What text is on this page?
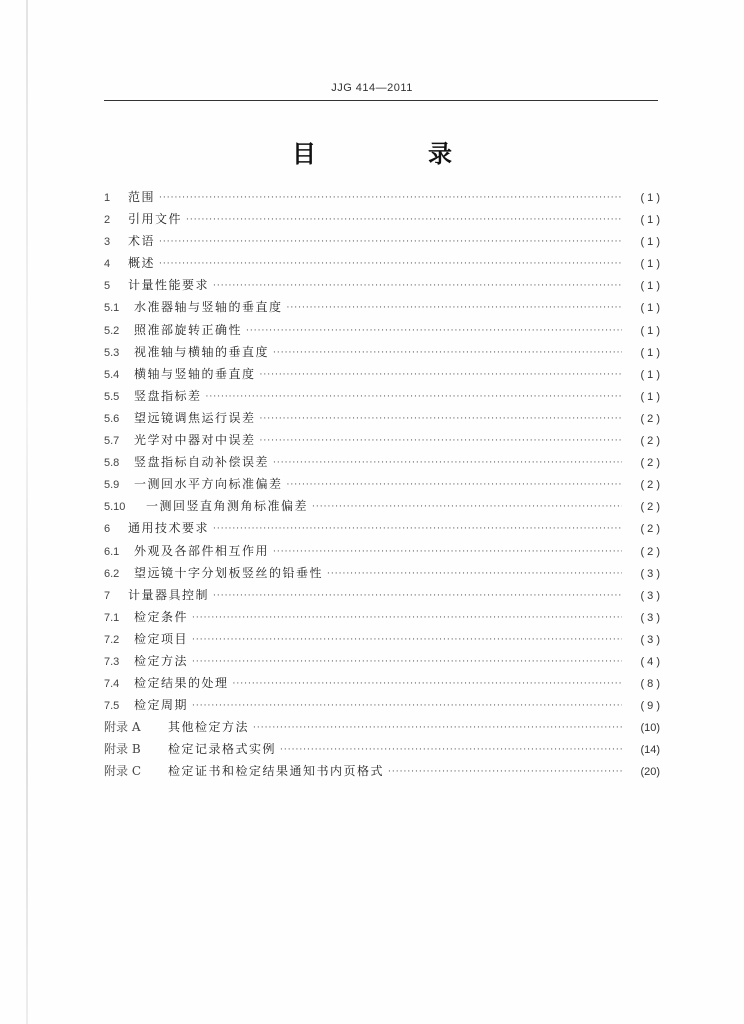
JJG 414—2011
目　录
1	范围 ·····	( 1 )
2	引用文件 ·····	( 1 )
3	术语 ·····	( 1 )
4	概述 ·····	( 1 )
5	计量性能要求 ·····	( 1 )
5.1	水准器轴与竖轴的垂直度 ·····	( 1 )
5.2	照准部旋转正确性 ·····	( 1 )
5.3	视准轴与横轴的垂直度 ·····	( 1 )
5.4	横轴与竖轴的垂直度 ·····	( 1 )
5.5	竖盘指标差 ·····	( 1 )
5.6	望远镜调焦运行误差 ·····	( 2 )
5.7	光学对中器对中误差 ·····	( 2 )
5.8	竖盘指标自动补偿误差 ·····	( 2 )
5.9	一测回水平方向标准偏差 ·····	( 2 )
5.10	一测回竖直角测角标准偏差 ·····	( 2 )
6	通用技术要求 ·····	( 2 )
6.1	外观及各部件相互作用 ·····	( 2 )
6.2	望远镜十字分划板竖丝的铅垂性 ·····	( 3 )
7	计量器具控制 ·····	( 3 )
7.1	检定条件 ·····	( 3 )
7.2	检定项目 ·····	( 3 )
7.3	检定方法 ·····	( 4 )
7.4	检定结果的处理 ·····	( 8 )
7.5	检定周期 ·····	( 9 )
附录 A	其他检定方法 ·····	(10)
附录 B	检定记录格式实例 ·····	(14)
附录 C	检定证书和检定结果通知书内页格式 ·····	(20)
